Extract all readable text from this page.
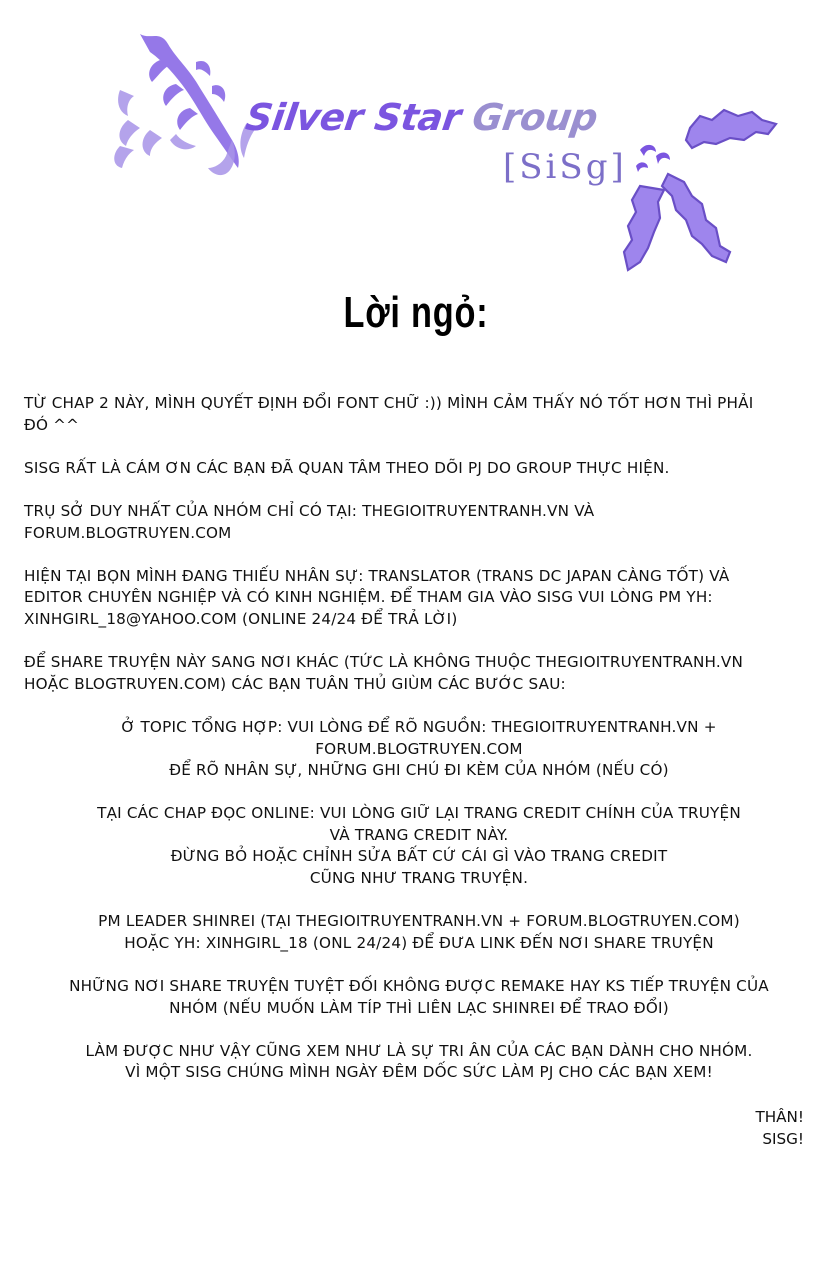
Silver Star Group
[SiSg]
Lời ngỏ:

TỪ CHAP 2 NÀY, MÌNH QUYẾT ĐỊNH ĐỔI FONT CHỮ :)) MÌNH CẢM THẤY NÓ TỐT HƠN THÌ PHẢI
ĐÓ ^^

SISG RẤT LÀ CÁM ƠN CÁC BẠN ĐÃ QUAN TÂM THEO DÕI PJ DO GROUP THỰC HIỆN.

TRỤ SỞ DUY NHẤT CỦA NHÓM CHỈ CÓ TẠI: THEGIOITRUYENTRANH.VN VÀ
FORUM.BLOGTRUYEN.COM

HIỆN TẠI BỌN MÌNH ĐANG THIẾU NHÂN SỰ: TRANSLATOR (TRANS DC JAPAN CÀNG TỐT) VÀ
EDITOR CHUYÊN NGHIỆP VÀ CÓ KINH NGHIỆM. ĐỂ THAM GIA VÀO SISG VUI LÒNG PM YH:
XINHGIRL_18@YAHOO.COM (ONLINE 24/24 ĐỂ TRẢ LỜI)

ĐỂ SHARE TRUYỆN NÀY SANG NƠI KHÁC (TỨC LÀ KHÔNG THUỘC THEGIOITRUYENTRANH.VN
HOẶC BLOGTRUYEN.COM) CÁC BẠN TUÂN THỦ GIÙM CÁC BƯỚC SAU:

Ở TOPIC TỔNG HỢP: VUI LÒNG ĐỂ RÕ NGUỒN: THEGIOITRUYENTRANH.VN +
FORUM.BLOGTRUYEN.COM
ĐỂ RÕ NHÂN SỰ, NHỮNG GHI CHÚ ĐI KÈM CỦA NHÓM (NẾU CÓ)

TẠI CÁC CHAP ĐỌC ONLINE: VUI LÒNG GIỮ LẠI TRANG CREDIT CHÍNH CỦA TRUYỆN
VÀ TRANG CREDIT NÀY.
ĐỪNG BỎ HOẶC CHỈNH SỬA BẤT CỨ CÁI GÌ VÀO TRANG CREDIT
CŨNG NHƯ TRANG TRUYỆN.

PM LEADER SHINREI (TẠI THEGIOITRUYENTRANH.VN + FORUM.BLOGTRUYEN.COM)
HOẶC YH: XINHGIRL_18 (ONL 24/24) ĐỂ ĐƯA LINK ĐẾN NƠI SHARE TRUYỆN

NHỮNG NƠI SHARE TRUYỆN TUYỆT ĐỐI KHÔNG ĐƯỢC REMAKE HAY KS TIẾP TRUYỆN CỦA
NHÓM (NẾU MUỐN LÀM TÍP THÌ LIÊN LẠC SHINREI ĐỂ TRAO ĐỔI)

LÀM ĐƯỢC NHƯ VẬY CŨNG XEM NHƯ LÀ SỰ TRI ÂN CỦA CÁC BẠN DÀNH CHO NHÓM.
VÌ MỘT SISG CHÚNG MÌNH NGÀY ĐÊM DỐC SỨC LÀM PJ CHO CÁC BẠN XEM!

THÂN!
SISG!
